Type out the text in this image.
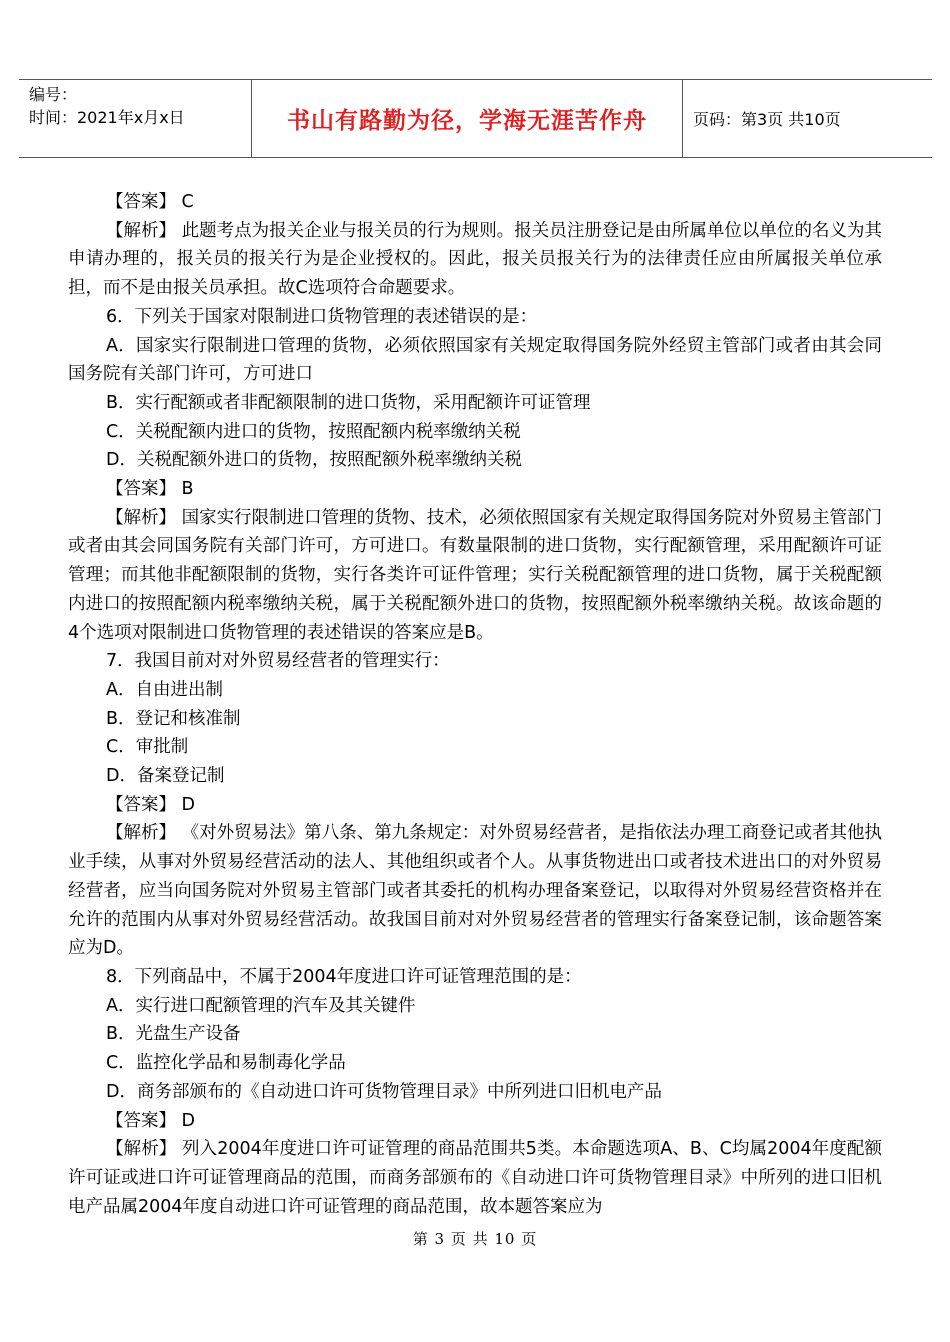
编号：
时间：2021年x月x日	书山有路勤为径，学海无涯苦作舟	页码：第3页 共10页

【答案】 C

【解析】 此题考点为报关企业与报关员的行为规则。报关员注册登记是由所属单位以单位的名义为其申请办理的，报关员的报关行为是企业授权的。因此，报关员报关行为的法律责任应由所属报关单位承担，而不是由报关员承担。故C选项符合命题要求。

6．下列关于国家对限制进口货物管理的表述错误的是：

A．国家实行限制进口管理的货物，必须依照国家有关规定取得国务院外经贸主管部门或者由其会同国务院有关部门许可，方可进口

B．实行配额或者非配额限制的进口货物，采用配额许可证管理

C．关税配额内进口的货物，按照配额内税率缴纳关税

D．关税配额外进口的货物，按照配额外税率缴纳关税

【答案】 B

【解析】 国家实行限制进口管理的货物、技术，必须依照国家有关规定取得国务院对外贸易主管部门或者由其会同国务院有关部门许可，方可进口。有数量限制的进口货物，实行配额管理，采用配额许可证管理；而其他非配额限制的货物，实行各类许可证件管理；实行关税配额管理的进口货物，属于关税配额内进口的按照配额内税率缴纳关税，属于关税配额外进口的货物，按照配额外税率缴纳关税。故该命题的4个选项对限制进口货物管理的表述错误的答案应是B。

7．我国目前对对外贸易经营者的管理实行：

A．自由进出制

B．登记和核准制

C．审批制

D．备案登记制

【答案】 D

【解析】 《对外贸易法》第八条、第九条规定：对外贸易经营者，是指依法办理工商登记或者其他执业手续，从事对外贸易经营活动的法人、其他组织或者个人。从事货物进出口或者技术进出口的对外贸易经营者，应当向国务院对外贸易主管部门或者其委托的机构办理备案登记，以取得对外贸易经营资格并在允许的范围内从事对外贸易经营活动。故我国目前对对外贸易经营者的管理实行备案登记制，该命题答案应为D。

8．下列商品中，不属于2004年度进口许可证管理范围的是：

A．实行进口配额管理的汽车及其关键件

B．光盘生产设备

C．监控化学品和易制毒化学品

D．商务部颁布的《自动进口许可货物管理目录》中所列进口旧机电产品

【答案】 D

【解析】 列入2004年度进口许可证管理的商品范围共5类。本命题选项A、B、C均属2004年度配额许可证或进口许可证管理商品的范围，而商务部颁布的《自动进口许可货物管理目录》中所列的进口旧机电产品属2004年度自动进口许可证管理的商品范围，故本题答案应为

第 3 页 共 10 页
